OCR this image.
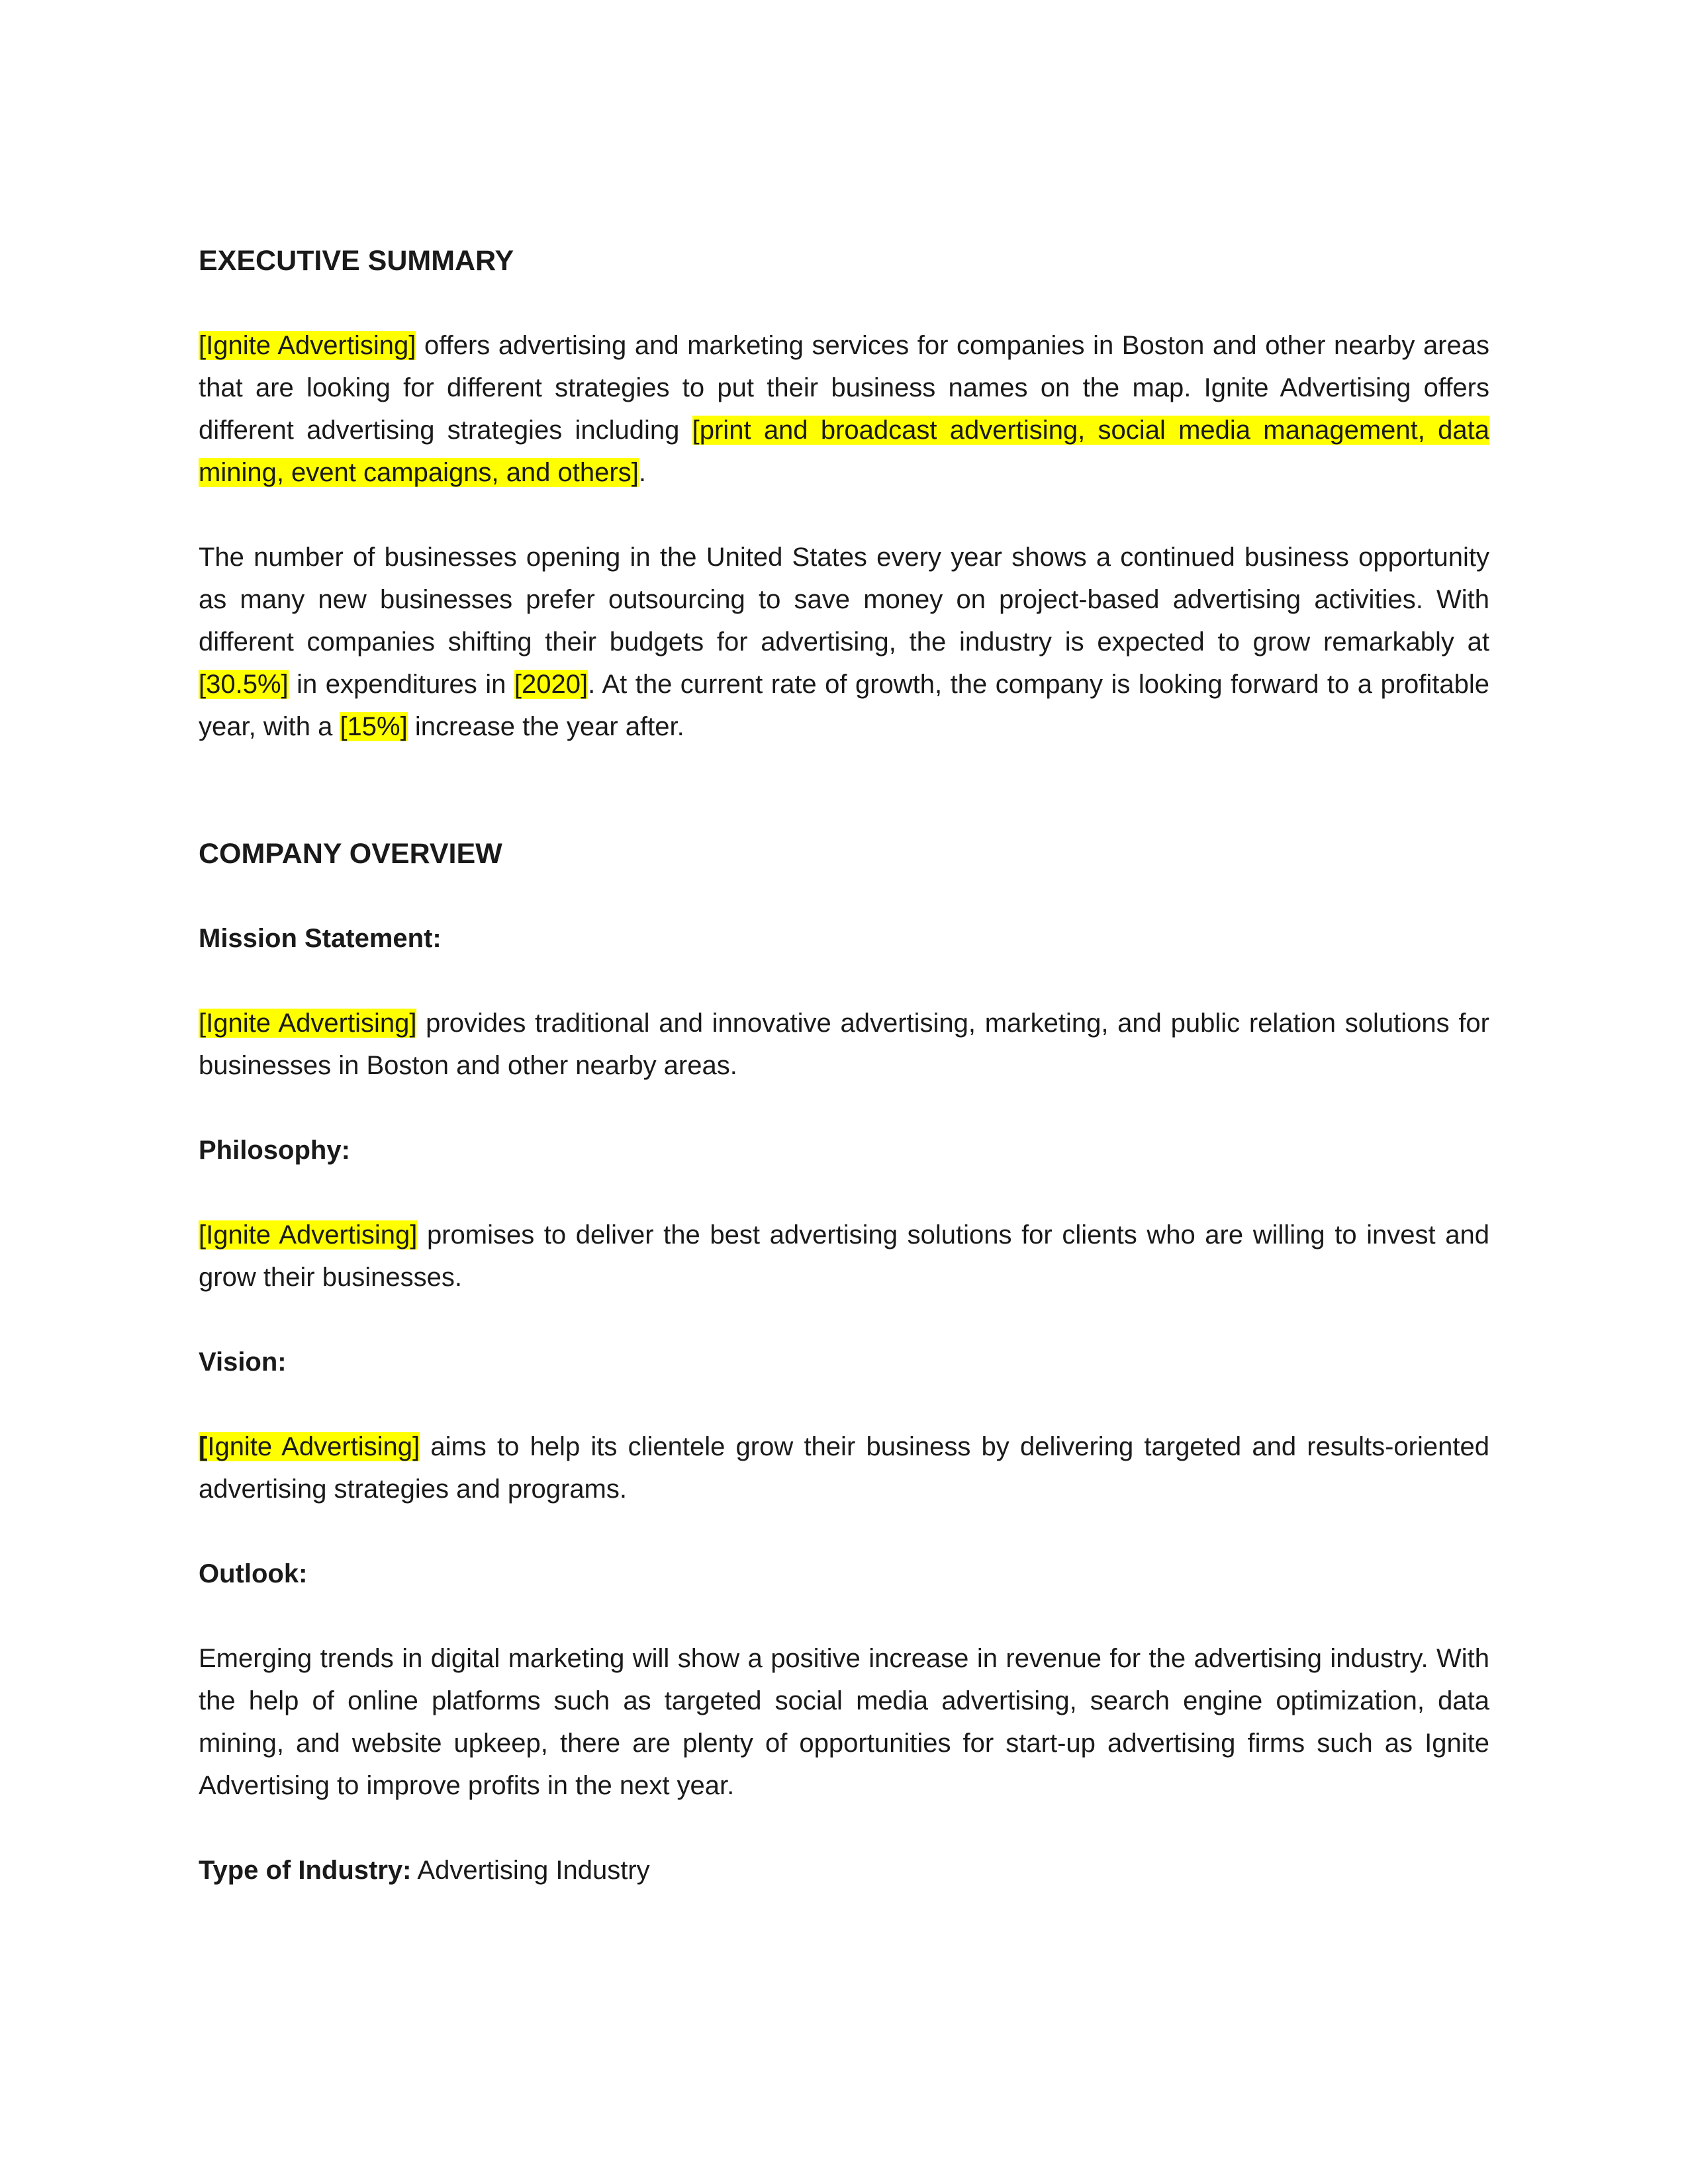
EXECUTIVE SUMMARY

[Ignite Advertising] offers advertising and marketing services for companies in Boston and other nearby areas that are looking for different strategies to put their business names on the map. Ignite Advertising offers different advertising strategies including [print and broadcast advertising, social media management, data mining, event campaigns, and others].

The number of businesses opening in the United States every year shows a continued business opportunity as many new businesses prefer outsourcing to save money on project-based advertising activities. With different companies shifting their budgets for advertising, the industry is expected to grow remarkably at [30.5%] in expenditures in [2020]. At the current rate of growth, the company is looking forward to a profitable year, with a [15%] increase the year after.

COMPANY OVERVIEW
Mission Statement:

[Ignite Advertising] provides traditional and innovative advertising, marketing, and public relation solutions for businesses in Boston and other nearby areas.

Philosophy:

[Ignite Advertising] promises to deliver the best advertising solutions for clients who are willing to invest and grow their businesses.

Vision:

[Ignite Advertising] aims to help its clientele grow their business by delivering targeted and results-oriented advertising strategies and programs.

Outlook:

Emerging trends in digital marketing will show a positive increase in revenue for the advertising industry. With the help of online platforms such as targeted social media advertising, search engine optimization, data mining, and website upkeep, there are plenty of opportunities for start-up advertising firms such as Ignite Advertising to improve profits in the next year.

Type of Industry: Advertising Industry
